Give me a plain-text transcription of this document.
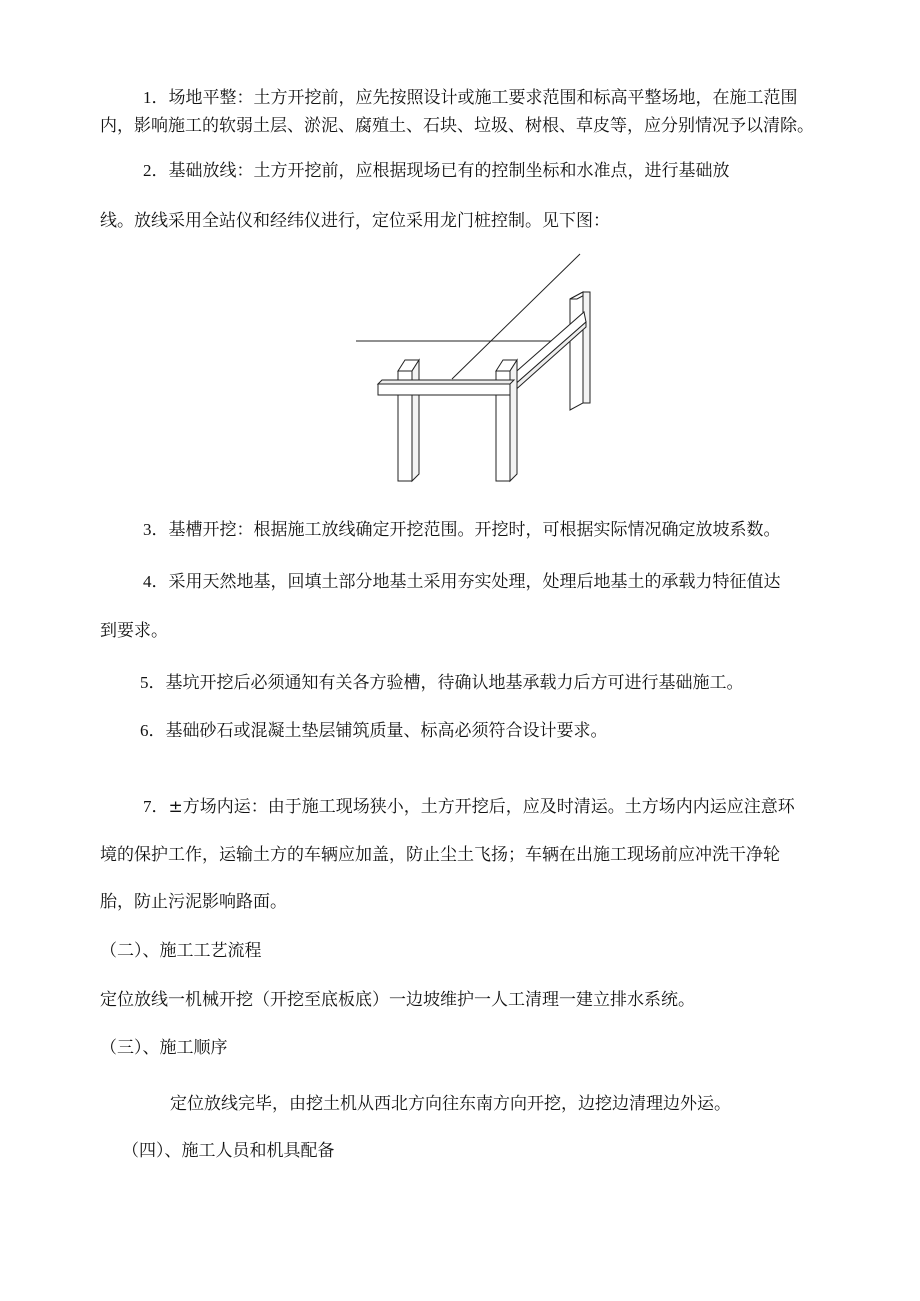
1．场地平整：土方开挖前，应先按照设计或施工要求范围和标高平整场地，在施工范围

内，影响施工的软弱土层、淤泥、腐殖土、石块、垃圾、树根、草皮等，应分别情况予以清除。

2．基础放线：土方开挖前，应根据现场已有的控制坐标和水准点，进行基础放

线。放线采用全站仪和经纬仪进行，定位采用龙门桩控制。见下图：

3．基槽开挖：根据施工放线确定开挖范围。开挖时，可根据实际情况确定放坡系数。

4．采用天然地基，回填土部分地基土采用夯实处理，处理后地基土的承载力特征值达

到要求。

5．基坑开挖后必须通知有关各方验槽，待确认地基承载力后方可进行基础施工。

6．基础砂石或混凝土垫层铺筑质量、标高必须符合设计要求。

7．±方场内运：由于施工现场狭小，土方开挖后，应及时清运。土方场内内运应注意环

境的保护工作，运输土方的车辆应加盖，防止尘土飞扬；车辆在出施工现场前应冲洗干净轮

胎，防止污泥影响路面。

（二）、施工工艺流程

定位放线一机械开挖（开挖至底板底）一边坡维护一人工清理一建立排水系统。

（三）、施工顺序

定位放线完毕，由挖土机从西北方向往东南方向开挖，边挖边清理边外运。

（四）、施工人员和机具配备
